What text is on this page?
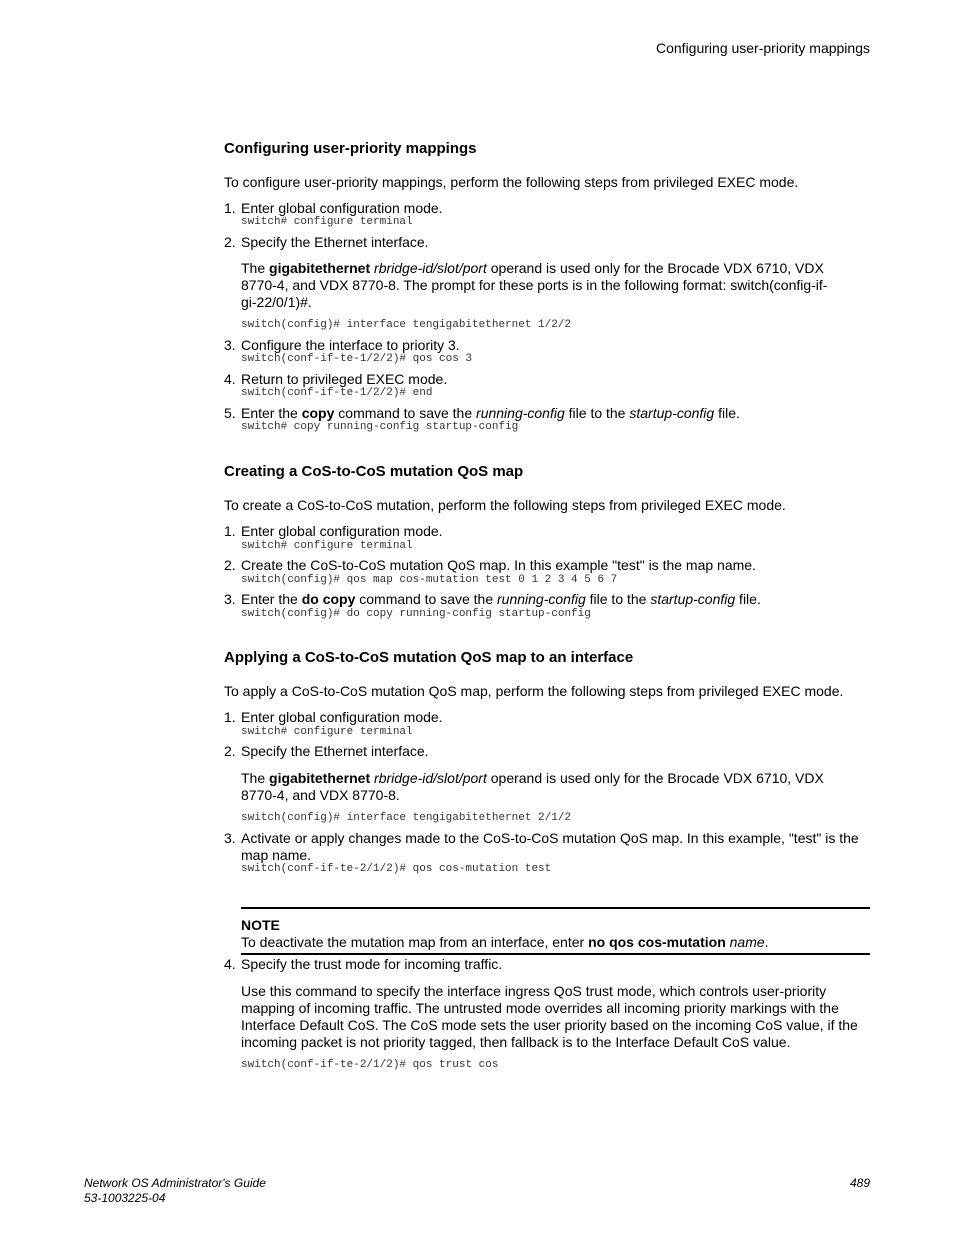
Configuring user-priority mappings
Configuring user-priority mappings
To configure user-priority mappings, perform the following steps from privileged EXEC mode.
1. Enter global configuration mode.
switch# configure terminal
2. Specify the Ethernet interface.
The gigabitethernet rbridge-id/slot/port operand is used only for the Brocade VDX 6710, VDX
8770-4, and VDX 8770-8. The prompt for these ports is in the following format: switch(config-if-
gi-22/0/1)#.
switch(config)# interface tengigabitethernet 1/2/2
3. Configure the interface to priority 3.
switch(conf-if-te-1/2/2)# qos cos 3
4. Return to privileged EXEC mode.
switch(conf-if-te-1/2/2)# end
5. Enter the copy command to save the running-config file to the startup-config file.
switch# copy running-config startup-config
Creating a CoS-to-CoS mutation QoS map
To create a CoS-to-CoS mutation, perform the following steps from privileged EXEC mode.
1. Enter global configuration mode.
switch# configure terminal
2. Create the CoS-to-CoS mutation QoS map. In this example "test" is the map name.
switch(config)# qos map cos-mutation test 0 1 2 3 4 5 6 7
3. Enter the do copy command to save the running-config file to the startup-config file.
switch(config)# do copy running-config startup-config
Applying a CoS-to-CoS mutation QoS map to an interface
To apply a CoS-to-CoS mutation QoS map, perform the following steps from privileged EXEC mode.
1. Enter global configuration mode.
switch# configure terminal
2. Specify the Ethernet interface.
The gigabitethernet rbridge-id/slot/port operand is used only for the Brocade VDX 6710, VDX
8770-4, and VDX 8770-8.
switch(config)# interface tengigabitethernet 2/1/2
3. Activate or apply changes made to the CoS-to-CoS mutation QoS map. In this example, "test" is the
map name.
switch(conf-if-te-2/1/2)# qos cos-mutation test
NOTE
To deactivate the mutation map from an interface, enter no qos cos-mutation name.
4. Specify the trust mode for incoming traffic.
Use this command to specify the interface ingress QoS trust mode, which controls user-priority
mapping of incoming traffic. The untrusted mode overrides all incoming priority markings with the
Interface Default CoS. The CoS mode sets the user priority based on the incoming CoS value, if the
incoming packet is not priority tagged, then fallback is to the Interface Default CoS value.
switch(conf-if-te-2/1/2)# qos trust cos
Network OS Administrator's Guide
53-1003225-04
489
